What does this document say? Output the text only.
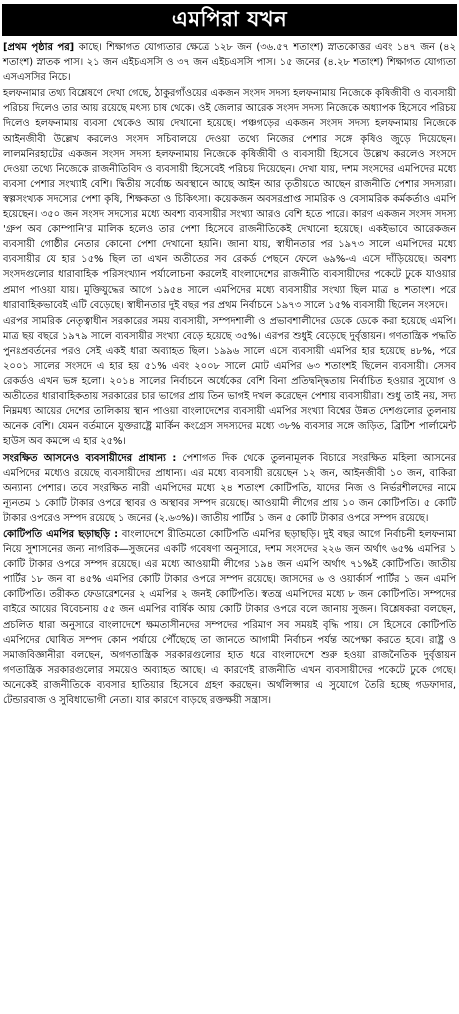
এমপিরা যখন

[প্রথম পৃষ্ঠার পর] কাছে। শিক্ষাগত যোগ্যতার ক্ষেত্রে ১২৮ জন (৩৬.৫৭ শতাংশ) স্নাতকোত্তর এবং ১৪৭ জন (৪২ শতাংশ) স্নাতক পাস। ২১ জন এইচএসসি ও ৩৭ জন এইচএসসি পাস। ১৫ জনের (৪.২৮ শতাংশ) শিক্ষাগত যোগ্যতা এসএসসির নিচে।

হলফনামার তথ্য বিশ্লেষণে দেখা গেছে, ঠাকুরগাঁওয়ের একজন সংসদ সদস্য হলফনামায় নিজেকে কৃষিজীবী ও ব্যবসায়ী পরিচয় দিলেও তার আয় রয়েছে মৎস্য চাষ থেকে। ওই জেলার আরেক সংসদ সদস্য নিজেকে অধ্যাপক হিসেবে পরিচয় দিলেও হলফনামায় ব্যবসা থেকেও আয় দেখানো হয়েছে। পঞ্চগড়ের একজন সংসদ সদস্য হলফনামায় নিজেকে আইনজীবী উল্লেখ করলেও সংসদ সচিবালয়ে দেওয়া তথ্যে নিজের পেশার সঙ্গে কৃষিও জুড়ে দিয়েছেন। লালমনিরহাটের একজন সংসদ সদস্য হলফনামায় নিজেকে কৃষিজীবী ও ব্যবসায়ী হিসেবে উল্লেখ করলেও সংসদে দেওয়া তথ্যে নিজেকে রাজনীতিবিদ ও ব্যবসায়ী হিসেবেই পরিচয় দিয়েছেন। দেখা যায়, দশম সংসদের এমপিদের মধ্যে ব্যবসা পেশার সংখ্যাই বেশি। দ্বিতীয় সর্বোচ্চ অবস্থানে আছে আইন আর তৃতীয়তে আছেন রাজনীতি পেশার সদস্যরা। স্বল্পসংখ্যক সদস্যের পেশা কৃষি, শিক্ষকতা ও চিকিৎসা। কয়েকজন অবসরপ্রাপ্ত সামরিক ও বেসামরিক কর্মকর্তাও এমপি হয়েছেন। ৩৫০ জন সংসদ সদস্যের মধ্যে অবশ্য ব্যবসায়ীর সংখ্যা আরও বেশি হতে পারে। কারণ একজন সংসদ সদস্য 'গ্রুপ অব কোম্পানি'র মালিক হলেও তার পেশা হিসেবে রাজনীতিকেই দেখানো হয়েছে। একইভাবে আরেকজন ব্যবসায়ী গোষ্ঠীর নেতার কোনো পেশা দেখানো হয়নি। জানা যায়, স্বাধীনতার পর ১৯৭৩ সালে এমপিদের মধ্যে ব্যবসায়ীর যে হার ১৫% ছিল তা এখন অতীতের সব রেকর্ড পেছনে ফেলে ৬৯%-এ এসে দাঁড়িয়েছে। অবশ্য সংসদগুলোর ধারাবাহিক পরিসংখ্যান পর্যালোচনা করলেই বাংলাদেশের রাজনীতি ব্যবসায়ীদের পকেটে ঢুকে যাওয়ার প্রমাণ পাওয়া যায়। মুক্তিযুদ্ধের আগে ১৯৫৪ সালে এমপিদের মধ্যে ব্যবসায়ীর সংখ্যা ছিল মাত্র ৪ শতাংশ। পরে ধারাবাহিকভাবেই এটি বেড়েছে। স্বাধীনতার দুই বছর পর প্রথম নির্বাচনে ১৯৭৩ সালে ১৫% ব্যবসায়ী ছিলেন সংসদে।

এরপর সামরিক নেতৃত্বাধীন সরকারের সময় ব্যবসায়ী, সম্পদশালী ও প্রভাবশালীদের ডেকে ডেকে করা হয়েছে এমপি। মাত্র ছয় বছরে ১৯৭৯ সালে ব্যবসায়ীর সংখ্যা বেড়ে হয়েছে ৩৫%। এরপর শুধুই বেড়েছে দুর্বৃত্তায়ন। গণতান্ত্রিক পদ্ধতি পুনঃপ্রবর্তনের পরও সেই একই ধারা অব্যাহত ছিল। ১৯৯৬ সালে এসে ব্যবসায়ী এমপির হার হয়েছে ৪৮%, পরে ২০০১ সালের সংসদে এ হার হয় ৫১% এবং ২০০৮ সালে মোট এমপির ৬৩ শতাংশই ছিলেন ব্যবসায়ী। সেসব রেকর্ডও এখন ভঙ্গ হলো। ২০১৪ সালের নির্বাচনে অর্ধেকের বেশি বিনা প্রতিদ্বন্দ্বিতায় নির্বাচিত হওয়ার সুযোগ ও অতীতের ধারাবাহিকতায় সরকারের চার ভাগের প্রায় তিন ভাগই দখল করেছেন পেশায় ব্যবসায়ীরা। শুধু তাই নয়, সদ্য নিম্নমধ্য আয়ের দেশের তালিকায় স্থান পাওয়া বাংলাদেশের ব্যবসায়ী এমপির সংখ্যা বিশ্বের উন্নত দেশগুলোর তুলনায় অনেক বেশি। যেমন বর্তমানে যুক্তরাষ্ট্রে মার্কিন কংগ্রেস সদস্যদের মধ্যে ৩৮% ব্যবসার সঙ্গে জড়িত, ব্রিটিশ পার্লামেন্ট হাউস অব কমন্সে এ হার ২৫%।

সংরক্ষিত আসনেও ব্যবসায়ীদের প্রাধান্য : পেশাগত দিক থেকে তুলনামূলক বিচারে সংরক্ষিত মহিলা আসনের এমপিদের মধ্যেও রয়েছে ব্যবসায়ীদের প্রাধান্য। এর মধ্যে ব্যবসায়ী রয়েছেন ১২ জন, আইনজীবী ১০ জন, বাকিরা অন্যান্য পেশার। তবে সংরক্ষিত নারী এমপিদের মধ্যে ২৪ শতাংশ কোটিপতি, যাদের নিজ ও নির্ভরশীলদের নামে ন্যূনতম ১ কোটি টাকার ওপরে স্থাবর ও অস্থাবর সম্পদ রয়েছে। আওয়ামী লীগের প্রায় ১০ জন কোটিপতি। ৫ কোটি টাকার ওপরেও সম্পদ রয়েছে ১ জনের (২.৬৩%)। জাতীয় পার্টির ১ জন ৫ কোটি টাকার ওপরে সম্পদ রয়েছে।

কোটিপতি এমপির ছড়াছড়ি : বাংলাদেশে রীতিমতো কোটিপতি এমপির ছড়াছড়ি। দুই বছর আগে নির্বাচনী হলফনামা নিয়ে সুশাসনের জন্য নাগরিক—সুজনের একটি গবেষণা অনুসারে, দশম সংসদের ২২৬ জন অর্থাৎ ৬৫% এমপির ১ কোটি টাকার ওপরে সম্পদ রয়েছে। এর মধ্যে আওয়ামী লীগের ১৯৪ জন এমপি অর্থাৎ ৭১%ই কোটিপতি। জাতীয় পার্টির ১৮ জন বা ৪৫% এমপির কোটি টাকার ওপরে সম্পদ রয়েছে। জাসদের ৬ ও ওয়ার্কার্স পার্টির ১ জন এমপি কোটিপতি। তরীকত ফেডারেশনের ২ এমপির ২ জনই কোটিপতি। স্বতন্ত্র এমপিদের মধ্যে ৮ জন কোটিপতি। সম্পদের বাইরে আয়ের বিবেচনায় ৫৫ জন এমপির বার্ষিক আয় কোটি টাকার ওপরে বলে জানায় সুজন। বিশ্লেষকরা বলছেন, প্রচলিত ধারা অনুসারে বাংলাদেশে ক্ষমতাসীনদের সম্পদের পরিমাণ সব সময়ই বৃদ্ধি পায়। সে হিসেবে কোটিপতি এমপিদের ঘোষিত সম্পদ কোন পর্যায়ে পৌঁছেছে তা জানতে আগামী নির্বাচন পর্যন্ত অপেক্ষা করতে হবে। রাষ্ট্র ও সমাজবিজ্ঞানীরা বলছেন, অগণতান্ত্রিক সরকারগুলোর হাত ধরে বাংলাদেশে শুরু হওয়া রাজনৈতিক দুর্বৃত্তায়ন গণতান্ত্রিক সরকারগুলোর সময়েও অব্যাহত আছে। এ কারণেই রাজনীতি এখন ব্যবসায়ীদের পকেটে ঢুকে গেছে। অনেকেই রাজনীতিকে ব্যবসার হাতিয়ার হিসেবে গ্রহণ করছেন। অর্থলিপ্সার এ সুযোগে তৈরি হচ্ছে গডফাদার, টেন্ডারবাজ ও সুবিধাভোগী নেতা। যার কারণে বাড়ছে রক্তক্ষয়ী সন্ত্রাস।
